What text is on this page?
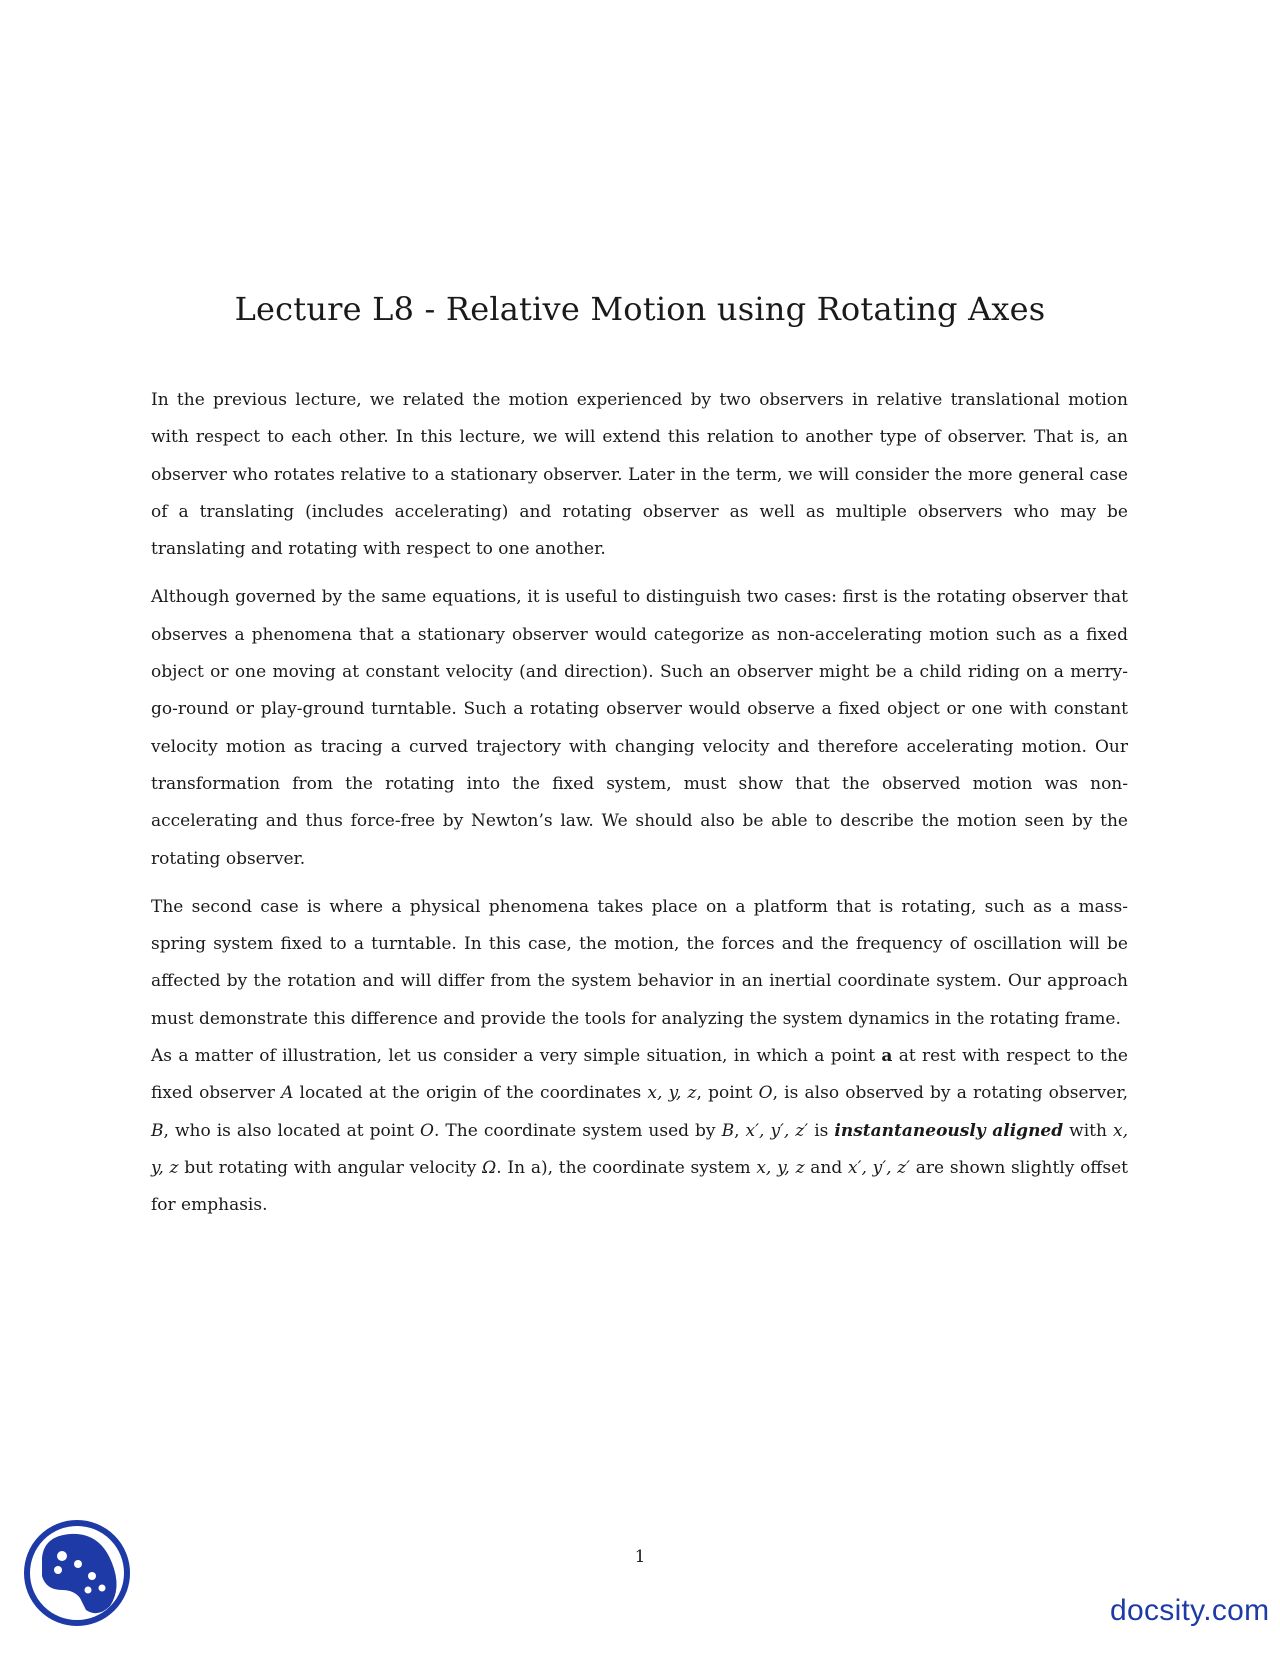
Lecture L8 - Relative Motion using Rotating Axes

In the previous lecture, we related the motion experienced by two observers in relative translational motion with respect to each other. In this lecture, we will extend this relation to another type of observer. That is, an observer who rotates relative to a stationary observer. Later in the term, we will consider the more general case of a translating (includes accelerating) and rotating observer as well as multiple observers who may be translating and rotating with respect to one another.

Although governed by the same equations, it is useful to distinguish two cases: first is the rotating observer that observes a phenomena that a stationary observer would categorize as non-accelerating motion such as a fixed object or one moving at constant velocity (and direction). Such an observer might be a child riding on a merry-go-round or play-ground turntable. Such a rotating observer would observe a fixed object or one with constant velocity motion as tracing a curved trajectory with changing velocity and therefore accelerating motion. Our transformation from the rotating into the fixed system, must show that the observed motion was non-accelerating and thus force-free by Newton’s law. We should also be able to describe the motion seen by the rotating observer.

The second case is where a physical phenomena takes place on a platform that is rotating, such as a mass-spring system fixed to a turntable. In this case, the motion, the forces and the frequency of oscillation will be affected by the rotation and will differ from the system behavior in an inertial coordinate system. Our approach must demonstrate this difference and provide the tools for analyzing the system dynamics in the rotating frame.

As a matter of illustration, let us consider a very simple situation, in which a point a at rest with respect to the fixed observer A located at the origin of the coordinates x, y, z, point O, is also observed by a rotating observer, B, who is also located at point O. The coordinate system used by B, x′, y′, z′ is instantaneously aligned with x, y, z but rotating with angular velocity Ω. In a), the coordinate system x, y, z and x′, y′, z′ are shown slightly offset for emphasis.

1
docsity.com
